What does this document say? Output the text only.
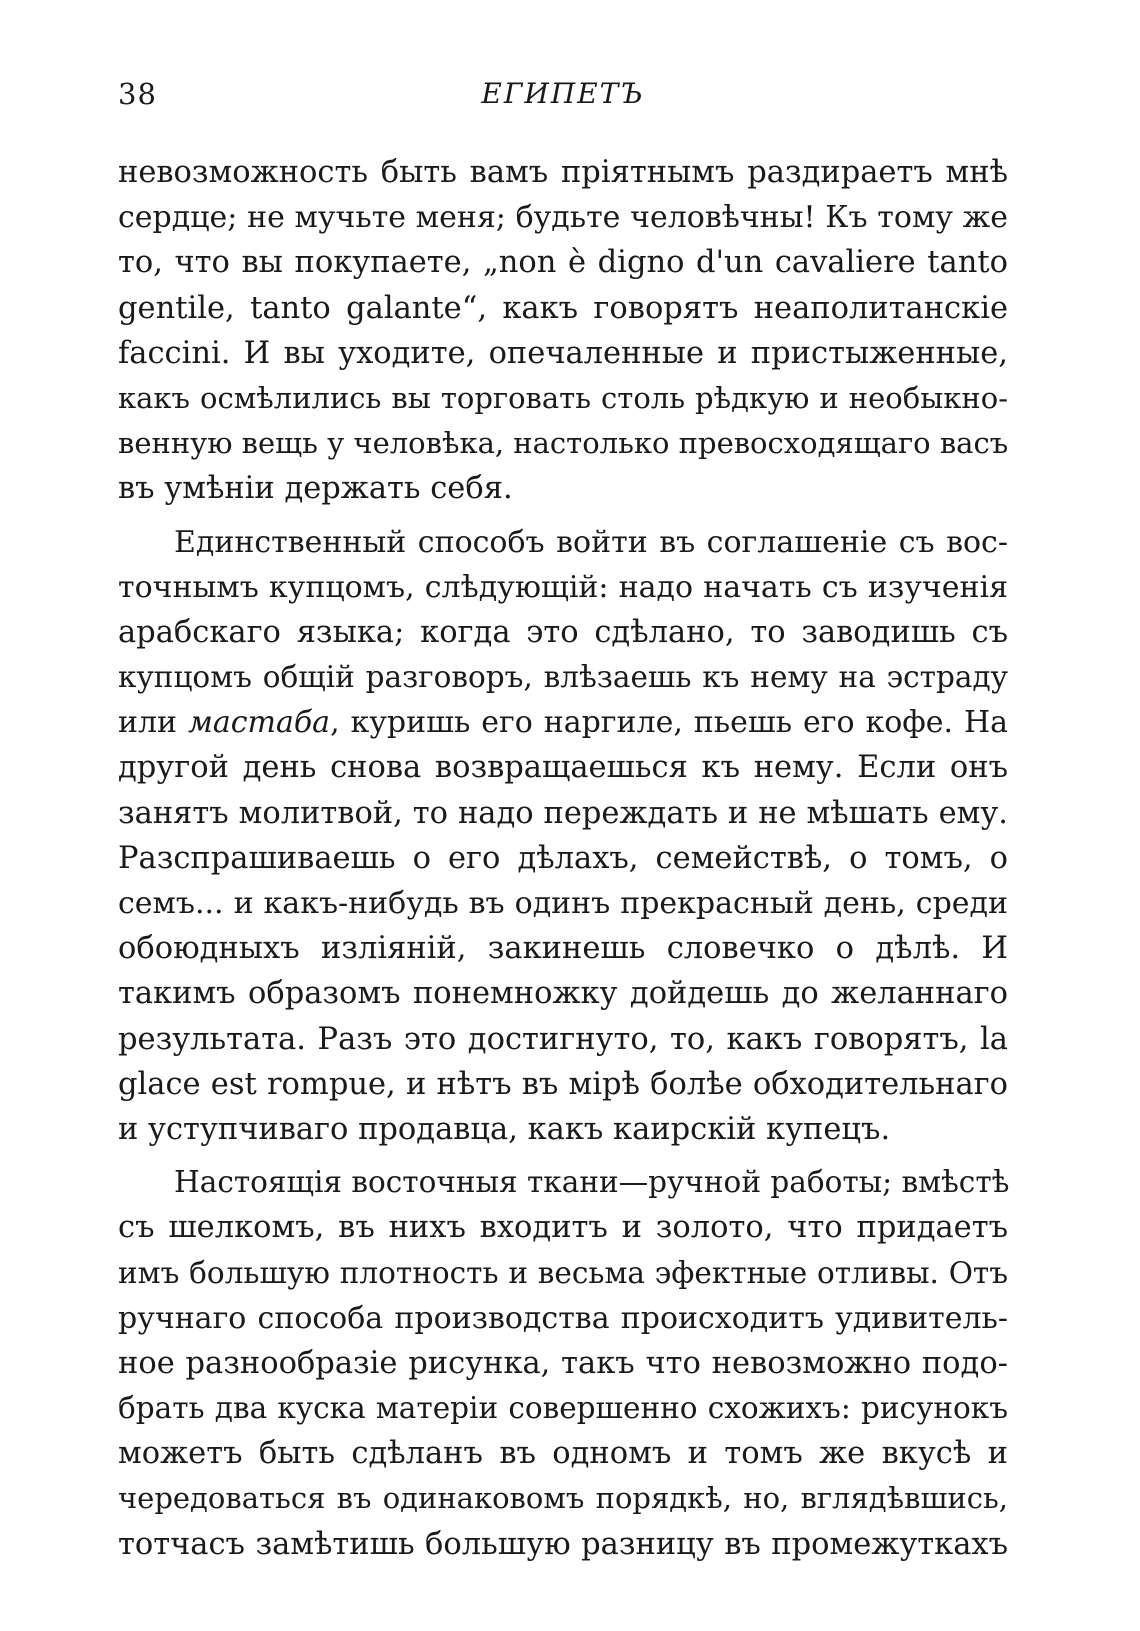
38	ЕГИПЕТЪ
невозможность быть вамъ пріятнымъ раздираетъ мнѣ
сердце; не мучьте меня; будьте человѣчны! Къ тому же
то, что вы покупаете, „non è digno d'un cavaliere tanto
gentile, tanto galante“, какъ говорятъ неаполитанскіе
faccini. И вы уходите, опечаленные и пристыженные,
какъ осмѣлились вы торговать столь рѣдкую и необыкно-
венную вещь у человѣка, настолько превосходящаго васъ
въ умѣніи держать себя.
Единственный способъ войти въ соглашеніе съ вос-
точнымъ купцомъ, слѣдующій: надо начать съ изученія
арабскаго языка; когда это сдѣлано, то заводишь съ
купцомъ общій разговоръ, влѣзаешь къ нему на эстраду
или мастаба, куришь его наргиле, пьешь его кофе. На
другой день снова возвращаешься къ нему. Если онъ
занятъ молитвой, то надо переждать и не мѣшать ему.
Разспрашиваешь о его дѣлахъ, семействѣ, о томъ, о
семъ... и какъ-нибудь въ одинъ прекрасный день, среди
обоюдныхъ изліяній, закинешь словечко о дѣлѣ. И
такимъ образомъ понемножку дойдешь до желаннаго
результата. Разъ это достигнуто, то, какъ говорятъ, la
glace est rompue, и нѣтъ въ мірѣ болѣе обходительнаго
и уступчиваго продавца, какъ каирскій купецъ.
Настоящія восточныя ткани—ручной работы; вмѣстѣ
съ шелкомъ, въ нихъ входитъ и золото, что придаетъ
имъ большую плотность и весьма эфектные отливы. Отъ
ручнаго способа производства происходитъ удивитель-
ное разнообразіе рисунка, такъ что невозможно подо-
брать два куска матеріи совершенно схожихъ: рисунокъ
можетъ быть сдѣланъ въ одномъ и томъ же вкусѣ и
чередоваться въ одинаковомъ порядкѣ, но, вглядѣвшись,
тотчасъ замѣтишь большую разницу въ промежуткахъ
